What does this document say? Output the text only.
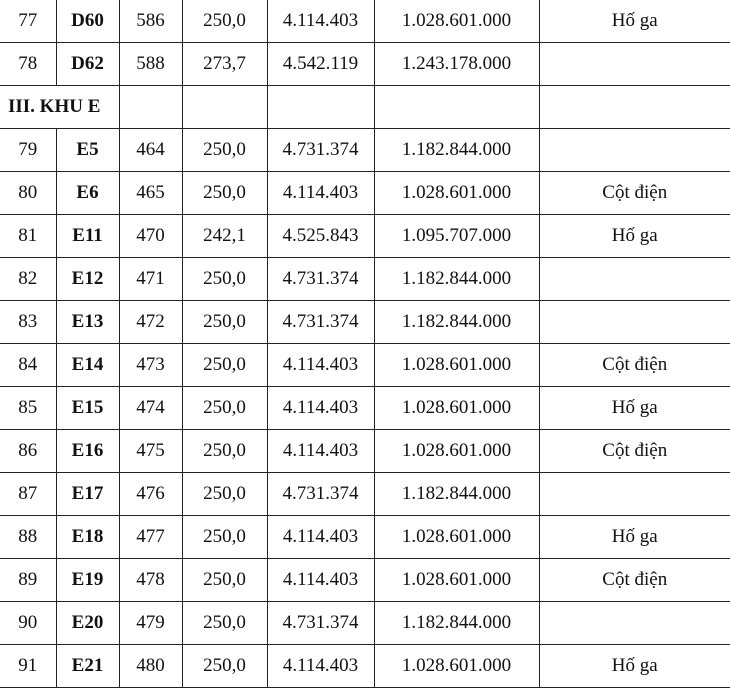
77	D60	586	250,0	4.114.403	1.028.601.000	Hố ga
78	D62	588	273,7	4.542.119	1.243.178.000	
III. KHU E						
79	E5	464	250,0	4.731.374	1.182.844.000	
80	E6	465	250,0	4.114.403	1.028.601.000	Cột điện
81	E11	470	242,1	4.525.843	1.095.707.000	Hố ga
82	E12	471	250,0	4.731.374	1.182.844.000	
83	E13	472	250,0	4.731.374	1.182.844.000	
84	E14	473	250,0	4.114.403	1.028.601.000	Cột điện
85	E15	474	250,0	4.114.403	1.028.601.000	Hố ga
86	E16	475	250,0	4.114.403	1.028.601.000	Cột điện
87	E17	476	250,0	4.731.374	1.182.844.000	
88	E18	477	250,0	4.114.403	1.028.601.000	Hố ga
89	E19	478	250,0	4.114.403	1.028.601.000	Cột điện
90	E20	479	250,0	4.731.374	1.182.844.000	
91	E21	480	250,0	4.114.403	1.028.601.000	Hố ga
